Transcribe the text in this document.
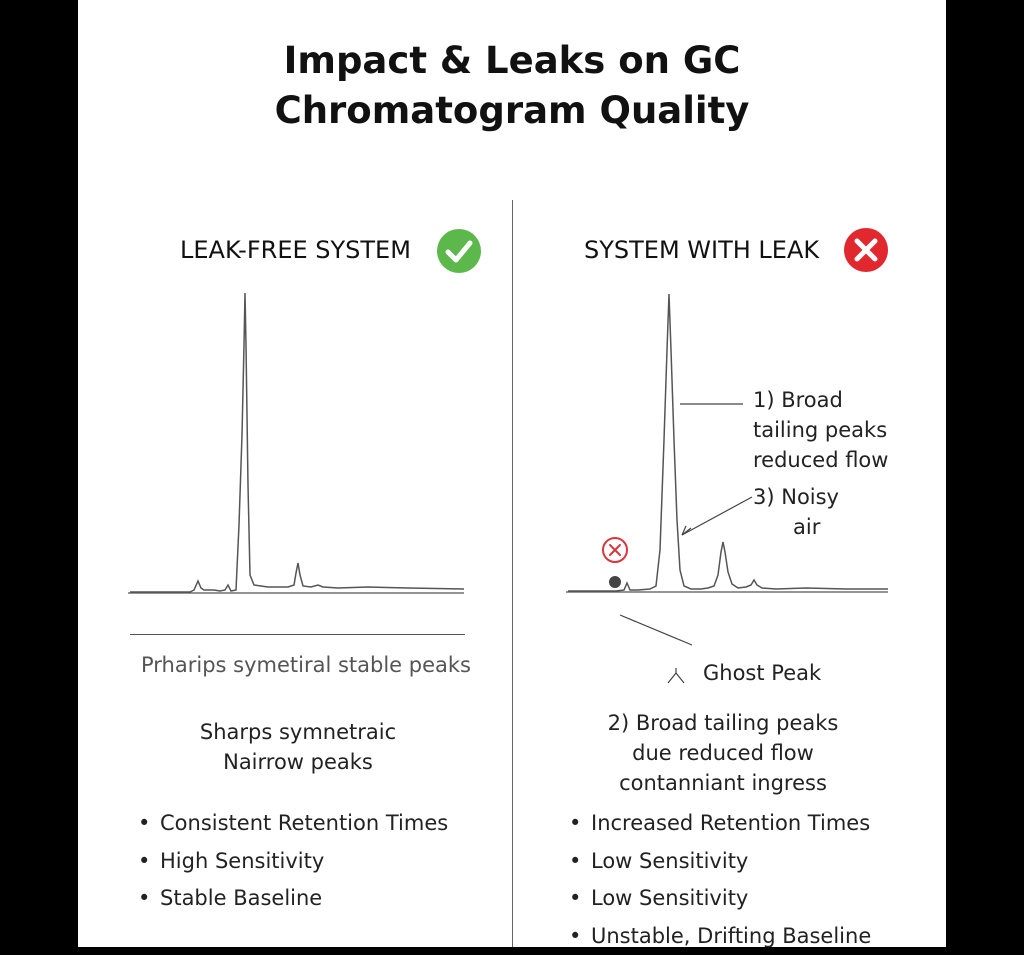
Impact & Leaks on GC
Chromatogram Quality
LEAK-FREE SYSTEM
Prharips symetiral stable peaks
Sharps symnetraic
Nairrow peaks
• Consistent Retention Times
• High Sensitivity
• Stable Baseline
SYSTEM WITH LEAK
1) Broad
tailing peaks
reduced flow
3) Noisy
air
Ghost Peak
2) Broad tailing peaks
due reduced flow
contanniant ingress
• Increased Retention Times
• Low Sensitivity
• Low Sensitivity
• Unstable, Drifting Baseline
